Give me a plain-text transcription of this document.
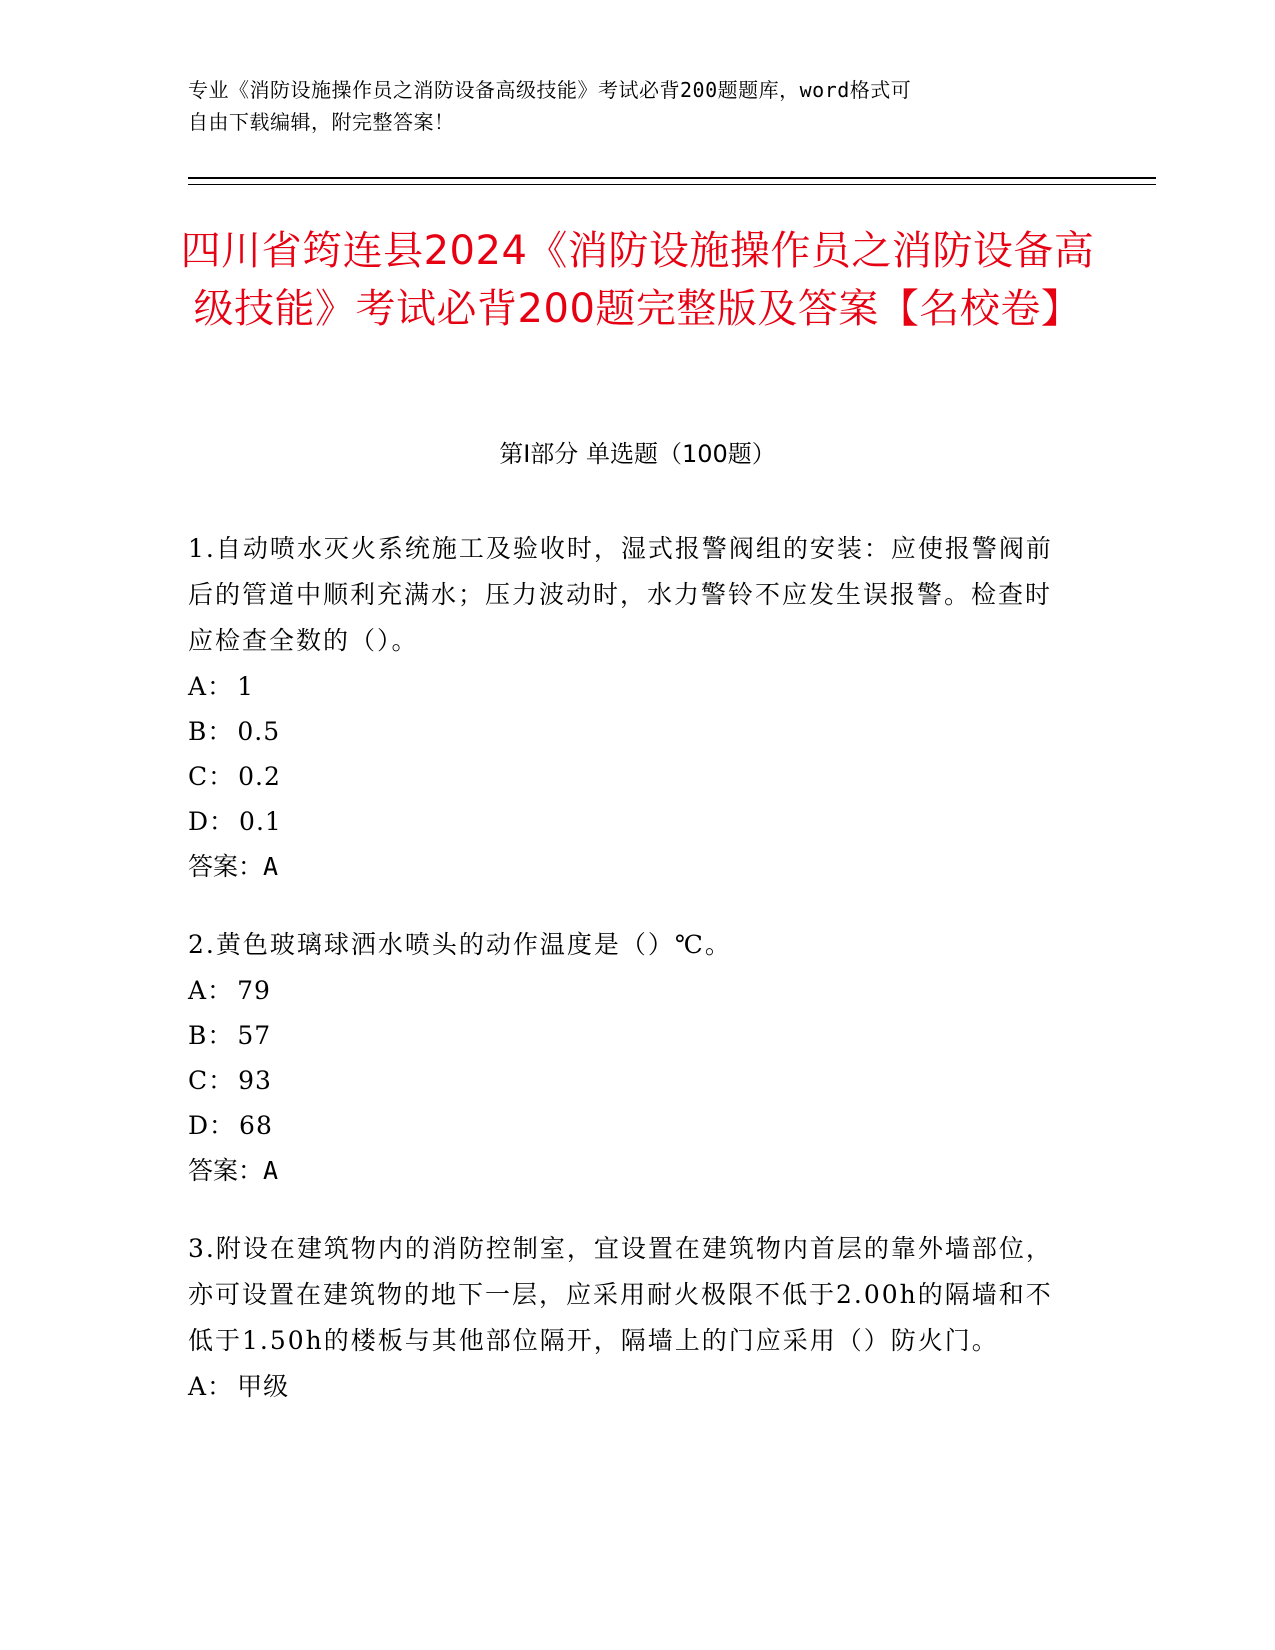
专业《消防设施操作员之消防设备高级技能》考试必背200题题库，word格式可
自由下载编辑，附完整答案！
四川省筠连县2024《消防设施操作员之消防设备高级技能》考试必背200题完整版及答案【名校卷】
第Ⅰ部分 单选题（100题）

1.自动喷水灭火系统施工及验收时，湿式报警阀组的安装：应使报警阀前后的管道中顺利充满水；压力波动时，水力警铃不应发生误报警。检查时应检查全数的（）。

A ： 1

B ： 0.5

C ： 0.2

D ： 0.1

答案：A

2.黄色玻璃球洒水喷头的动作温度是（）℃。

A ： 79

B ： 57

C ： 93

D ： 68

答案：A

3.附设在建筑物内的消防控制室，宜设置在建筑物内首层的靠外墙部位，亦可设置在建筑物的地下一层，应采用耐火极限不低于2.00h的隔墙和不低于1.50h的楼板与其他部位隔开，隔墙上的门应采用（）防火门。

A ： 甲级
